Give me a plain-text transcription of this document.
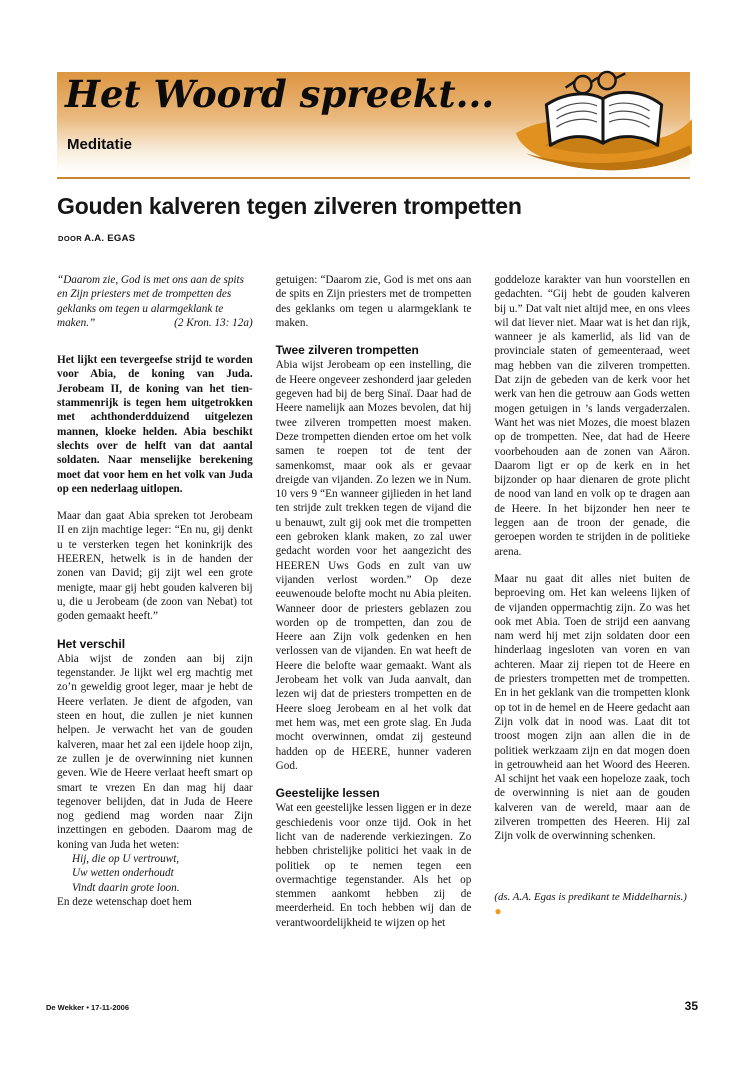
Het Woord spreekt...
Meditatie
Gouden kalveren tegen zilveren trompetten
DOOR A.A. EGAS

“Daarom zie, God is met ons aan de spits en Zijn priesters met de trompetten des geklanks om tegen u alarmgeklank te maken.”	(2 Kron. 13: 12a)

Het lijkt een tevergeefse strijd te worden voor Abia, de koning van Juda. Jerobeam II, de koning van het tien-stammenrijk is tegen hem uitgetrokken met achthonderdduizend uitgelezen mannen, kloeke helden. Abia beschikt slechts over de helft van dat aantal soldaten. Naar menselijke berekening moet dat voor hem en het volk van Juda op een nederlaag uitlopen.

Maar dan gaat Abia spreken tot Jerobeam II en zijn machtige leger: “En nu, gij denkt u te versterken tegen het koninkrijk des HEEREN, hetwelk is in de handen der zonen van David; gij zijt wel een grote menigte, maar gij hebt gouden kalveren bij u, die u Jerobeam (de zoon van Nebat) tot goden gemaakt heeft.”

Het verschil

Abia wijst de zonden aan bij zijn tegenstander. Je lijkt wel erg machtig met zo’n geweldig groot leger, maar je hebt de Heere verlaten. Je dient de afgoden, van steen en hout, die zullen je niet kunnen helpen. Je verwacht het van de gouden kalveren, maar het zal een ijdele hoop zijn, ze zullen je de overwinning niet kunnen geven. Wie de Heere verlaat heeft smart op smart te vrezen En dan mag hij daar tegenover belijden, dat in Juda de Heere nog gediend mag worden naar Zijn inzettingen en geboden. Daarom mag de koning van Juda het weten:

Hij, die op U vertrouwt,
Uw wetten onderhoudt
Vindt daarin grote loon.

En deze wetenschap doet hem

getuigen: “Daarom zie, God is met ons aan de spits en Zijn priesters met de trompetten des geklanks om tegen u alarmgeklank te maken.

Twee zilveren trompetten

Abia wijst Jerobeam op een instelling, die de Heere ongeveer zeshonderd jaar geleden gegeven had bij de berg Sinaï. Daar had de Heere namelijk aan Mozes bevolen, dat hij twee zilveren trompetten moest maken. Deze trompetten dienden ertoe om het volk samen te roepen tot de tent der samenkomst, maar ook als er gevaar dreigde van vijanden. Zo lezen we in Num. 10 vers 9 “En wanneer gijlieden in het land ten strijde zult trekken tegen de vijand die u benauwt, zult gij ook met die trompetten een gebroken klank maken, zo zal uwer gedacht worden voor het aangezicht des HEEREN Uws Gods en zult van uw vijanden verlost worden.” Op deze eeuwenoude belofte mocht nu Abia pleiten. Wanneer door de priesters geblazen zou worden op de trompetten, dan zou de Heere aan Zijn volk gedenken en hen verlossen van de vijanden. En wat heeft de Heere die belofte waar gemaakt. Want als Jerobeam het volk van Juda aanvalt, dan lezen wij dat de priesters trompetten en de Heere sloeg Jerobeam en al het volk dat met hem was, met een grote slag. En Juda mocht overwinnen, omdat zij gesteund hadden op de HEERE, hunner vaderen God.

Geestelijke lessen

Wat een geestelijke lessen liggen er in deze geschiedenis voor onze tijd. Ook in het licht van de naderende verkiezingen. Zo hebben christelijke politici het vaak in de politiek op te nemen tegen een overmachtige tegenstander. Als het op stemmen aankomt hebben zij de meerderheid. En toch hebben wij dan de verantwoordelijkheid te wijzen op het

goddeloze karakter van hun voorstellen en gedachten. “Gij hebt de gouden kalveren bij u.” Dat valt niet altijd mee, en ons vlees wil dat liever niet. Maar wat is het dan rijk, wanneer je als kamerlid, als lid van de provinciale staten of gemeenteraad, weet mag hebben van die zilveren trompetten. Dat zijn de gebeden van de kerk voor het werk van hen die getrouw aan Gods wetten mogen getuigen in ’s lands vergaderzalen. Want het was niet Mozes, die moest blazen op de trompetten. Nee, dat had de Heere voorbehouden aan de zonen van Aäron. Daarom ligt er op de kerk en in het bijzonder op haar dienaren de grote plicht de nood van land en volk op te dragen aan de Heere. In het bijzonder hen neer te leggen aan de troon der genade, die geroepen worden te strijden in de politieke arena.

Maar nu gaat dit alles niet buiten de beproeving om. Het kan weleens lijken of de vijanden oppermachtig zijn. Zo was het ook met Abia. Toen de strijd een aanvang nam werd hij met zijn soldaten door een hinderlaag ingesloten van voren en van achteren. Maar zij riepen tot de Heere en de priesters trompetten met de trompetten. En in het geklank van die trompetten klonk op tot in de hemel en de Heere gedacht aan Zijn volk dat in nood was. Laat dit tot troost mogen zijn aan allen die in de politiek werkzaam zijn en dat mogen doen in getrouwheid aan het Woord des Heeren. Al schijnt het vaak een hopeloze zaak, toch de overwinning is niet aan de gouden kalveren van de wereld, maar aan de zilveren trompetten des Heeren. Hij zal Zijn volk de overwinning schenken.

(ds. A.A. Egas is predikant te Middelharnis.) ●

De Wekker • 17-11-2006	35
